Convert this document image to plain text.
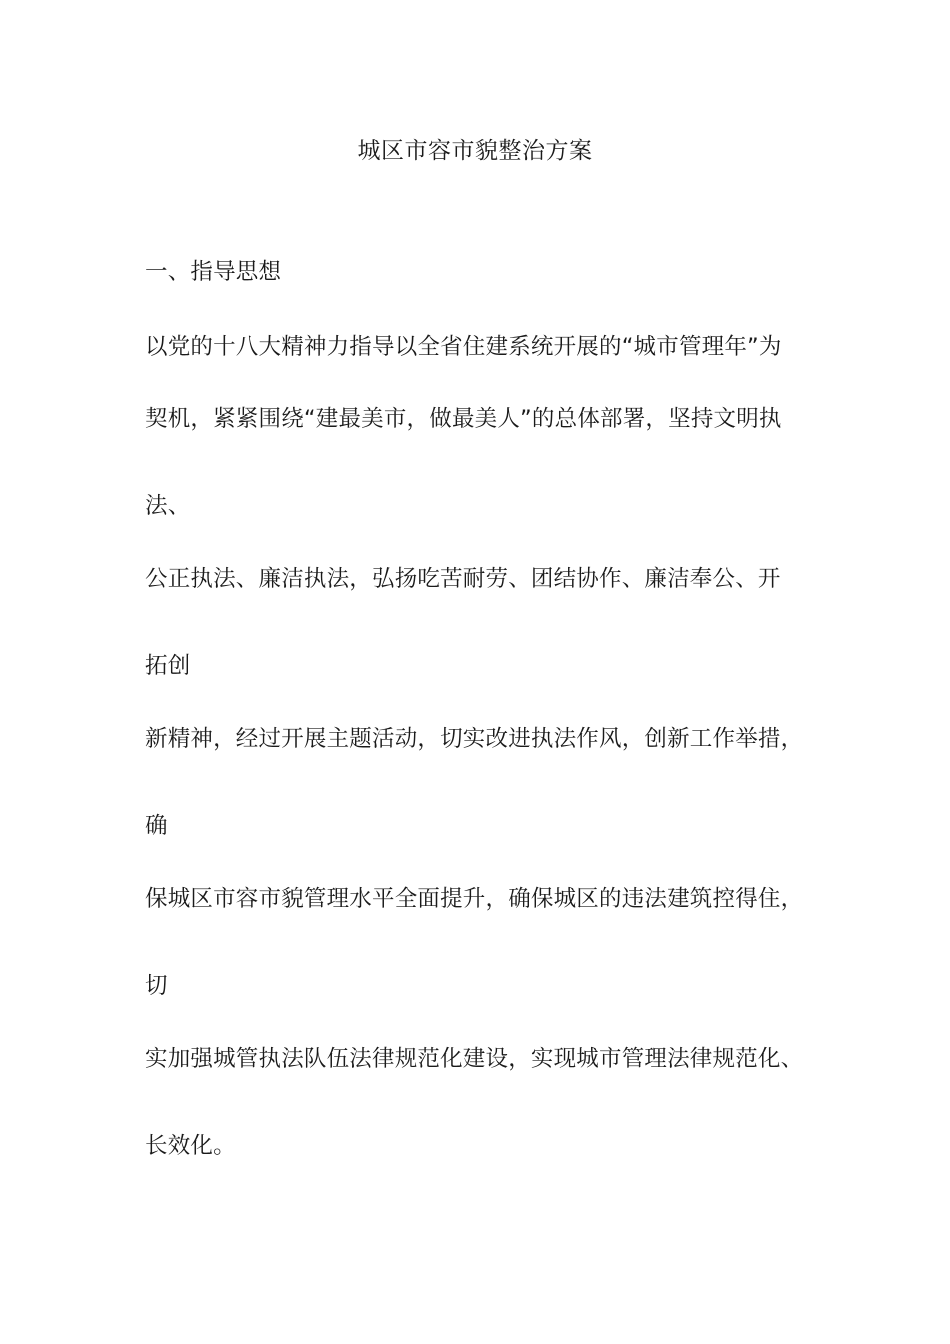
城区市容市貌整治方案
一、指导思想
以党的十八大精神力指导以全省住建系统开展的“城市管理年”为
契机，紧紧围绕“建最美市，做最美人”的总体部署，坚持文明执
法、
公正执法、廉洁执法，弘扬吃苦耐劳、团结协作、廉洁奉公、开
拓创
新精神，经过开展主题活动，切实改进执法作风，创新工作举措，
确
保城区市容市貌管理水平全面提升，确保城区的违法建筑控得住，
切
实加强城管执法队伍法律规范化建设，实现城市管理法律规范化、
长效化。
